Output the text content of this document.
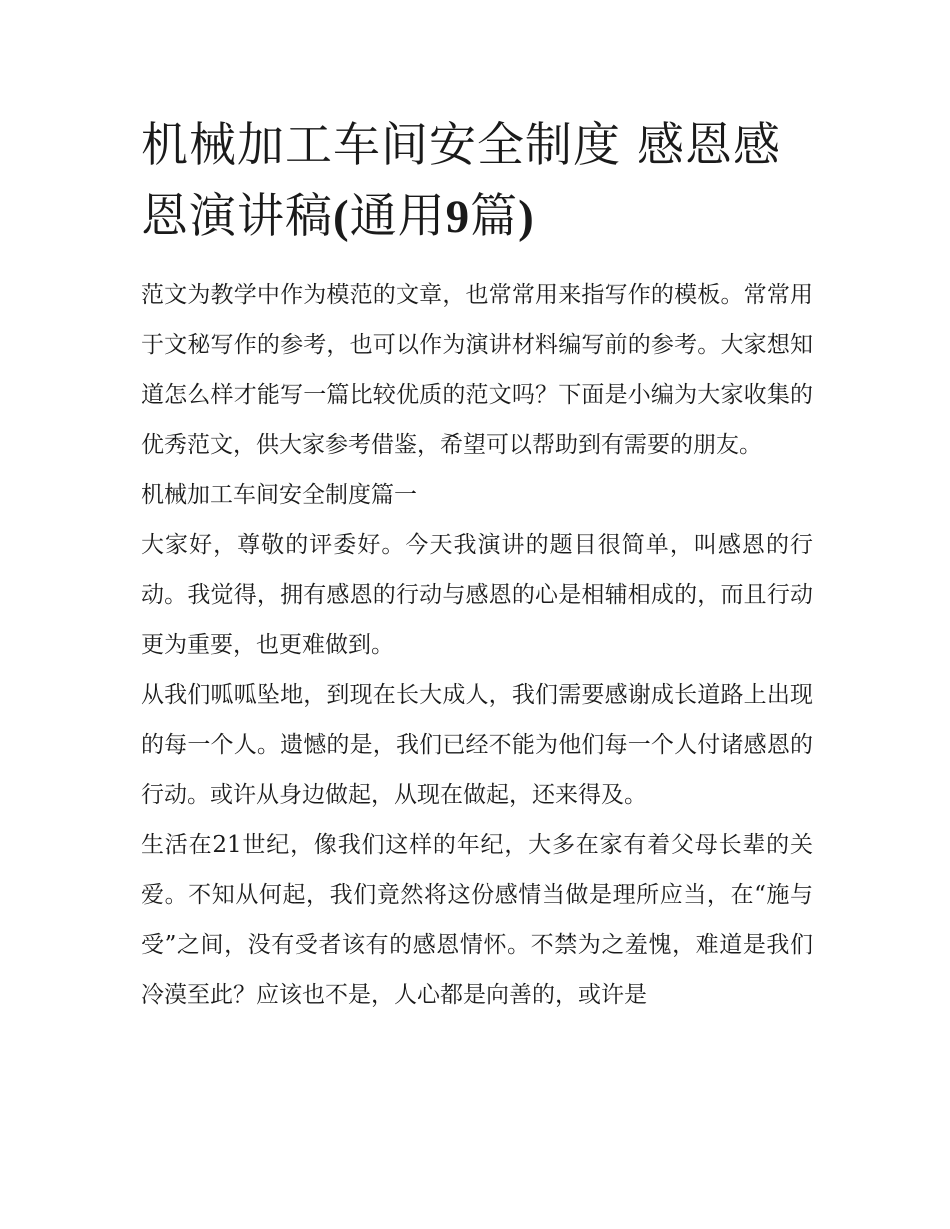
机械加工车间安全制度 感恩感恩演讲稿(通用9篇)

范文为教学中作为模范的文章，也常常用来指写作的模板。常常用于文秘写作的参考，也可以作为演讲材料编写前的参考。大家想知道怎么样才能写一篇比较优质的范文吗？下面是小编为大家收集的优秀范文，供大家参考借鉴，希望可以帮助到有需要的朋友。

机械加工车间安全制度篇一

大家好，尊敬的评委好。今天我演讲的题目很简单，叫感恩的行动。我觉得，拥有感恩的行动与感恩的心是相辅相成的，而且行动更为重要，也更难做到。

从我们呱呱坠地，到现在长大成人，我们需要感谢成长道路上出现的每一个人。遗憾的是，我们已经不能为他们每一个人付诸感恩的行动。或许从身边做起，从现在做起，还来得及。

生活在21世纪，像我们这样的年纪，大多在家有着父母长辈的关爱。不知从何起，我们竟然将这份感情当做是理所应当，在“施与受”之间，没有受者该有的感恩情怀。不禁为之羞愧，难道是我们冷漠至此？应该也不是，人心都是向善的，或许是
